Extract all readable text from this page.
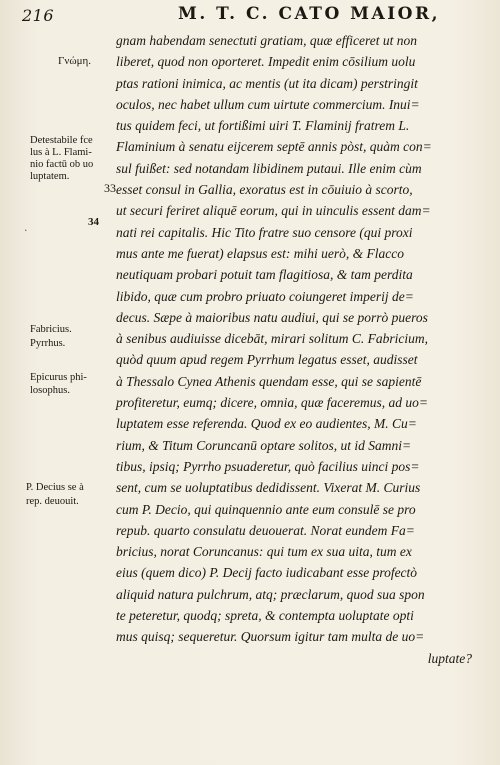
216	M. T. C. CATO MAIOR,
Γνώμη.
Detestabile fce
lus à L. Flami-
nio factū ob uo
luptatem.
33
34
Fabricius.
Pyrrhus.
Epicurus phi-
losophus.
P. Decius se à
rep. deuouit.
gnam habendam senectuti gratiam, quæ efficeret ut non
liberet, quod non oporteret. Impedit enim cōsilium uolu
ptas rationi inimica, ac mentis (ut ita dicam) perstringit
oculos, nec habet ullum cum uirtute commercium. Inui=
tus quidem feci, ut fortißimi uiri T. Flaminij fratrem L.
Flaminium à senatu eijcerem septē annis pòst, quàm con=
sul fuißet: sed notandam libidinem putaui. Ille enim cùm
esset consul in Gallia, exoratus est in cōuiuio à scorto,
ut securi feriret aliquē eorum, qui in uinculis essent dam=
nati rei capitalis. Hic Tito fratre suo censore (qui proxi
mus ante me fuerat) elapsus est: mihi uerò, & Flacco
neutiquam probari potuit tam flagitiosa, & tam perdita
libido, quæ cum probro priuato coiungeret imperij de=
decus. Sæpe à maioribus natu audiui, qui se porrò pueros
à senibus audiuisse dicebāt, mirari solitum C. Fabricium,
quòd quum apud regem Pyrrhum legatus esset, audisset
à Thessalo Cynea Athenis quendam esse, qui se sapientē
profiteretur, eumq; dicere, omnia, quæ faceremus, ad uo=
luptatem esse referenda. Quod ex eo audientes, M. Cu=
rium, & Titum Coruncanū optare solitos, ut id Samni=
tibus, ipsiq; Pyrrho psuaderetur, quò facilius uinci pos=
sent, cum se uoluptatibus dedidissent. Vixerat M. Curius
cum P. Decio, qui quinquennio ante eum consulē se pro
repub. quarto consulatu deuouerat. Norat eundem Fa=
bricius, norat Coruncanus: qui tum ex sua uita, tum ex
eius (quem dico) P. Decij facto iudicabant esse profectò
aliquid natura pulchrum, atq; præclarum, quod sua spon
te peteretur, quodq; spreta, & contempta uoluptate opti
mus quisq; sequeretur. Quorsum igitur tam multa de uo=
luptate?
·
